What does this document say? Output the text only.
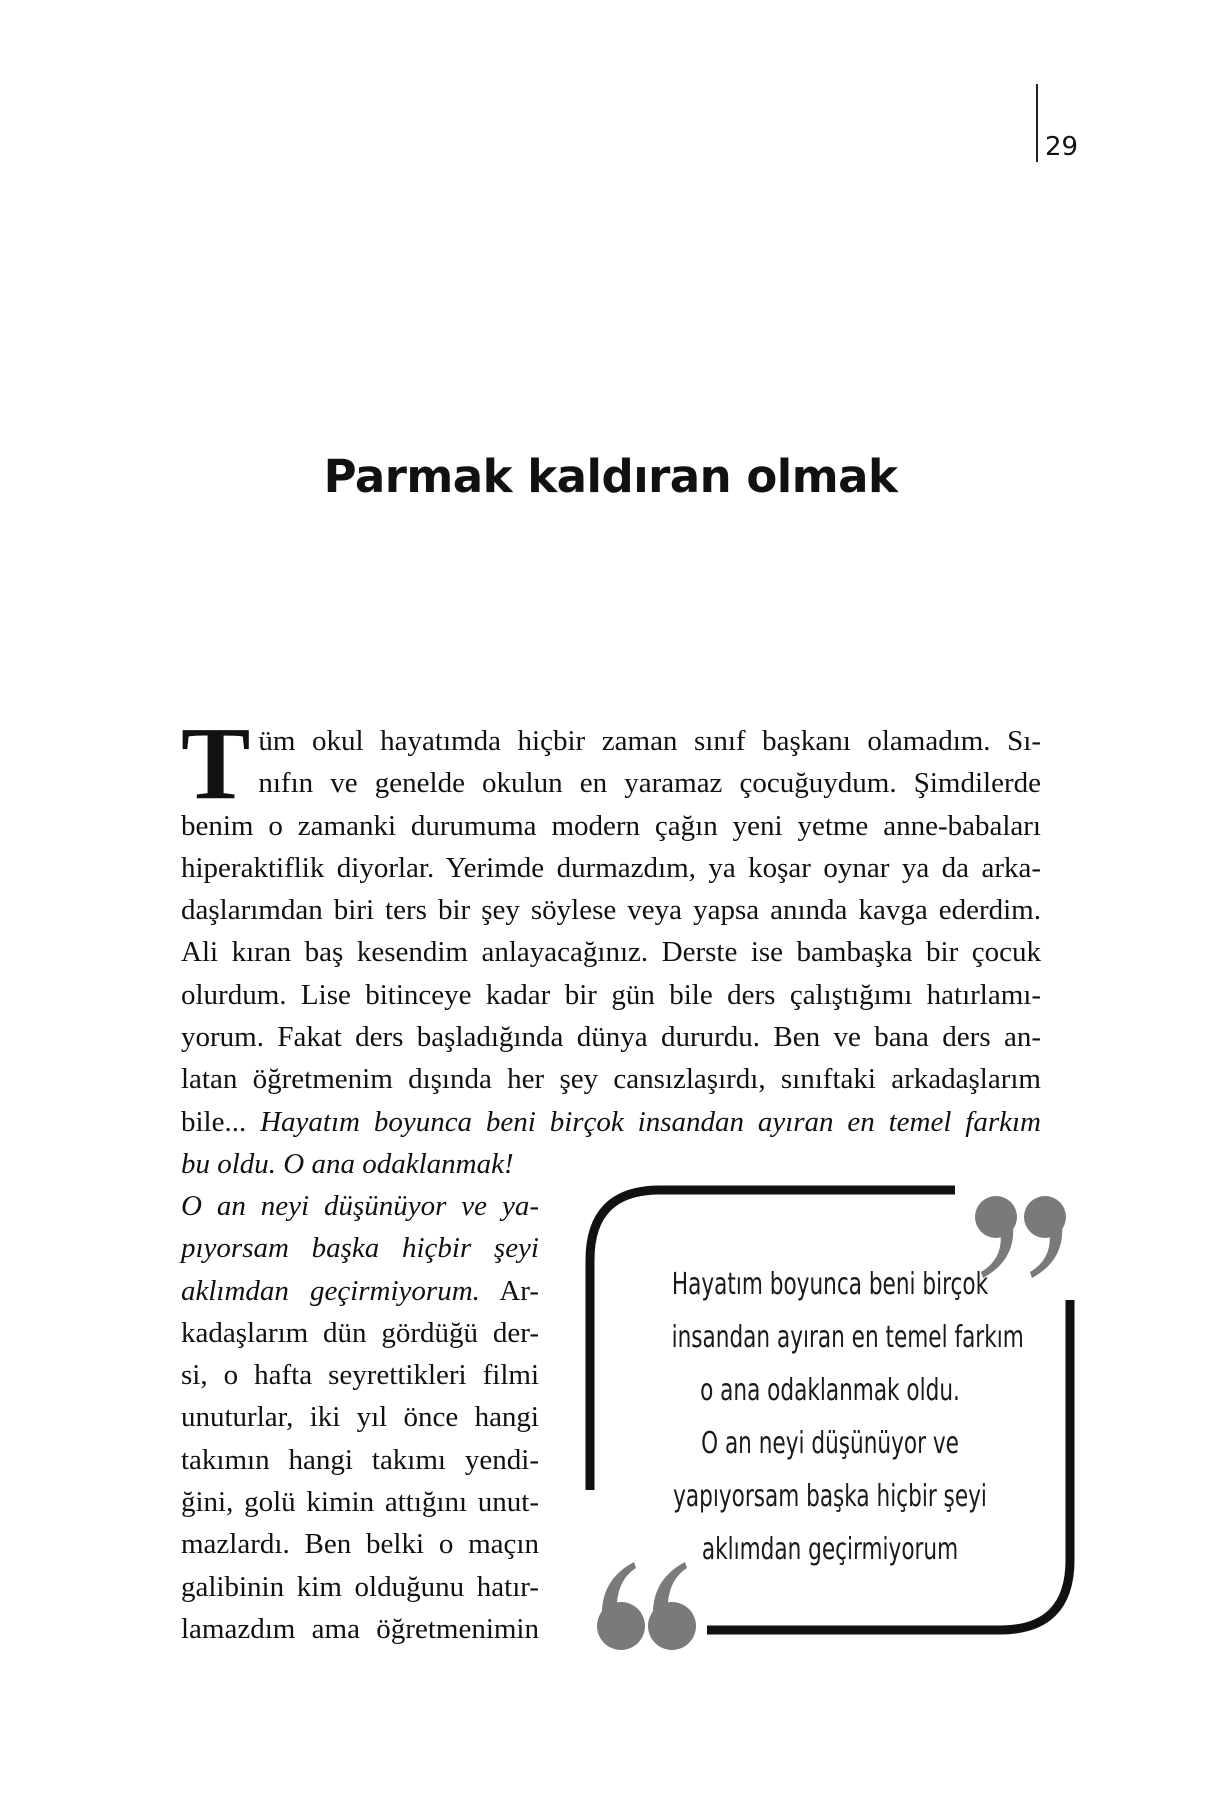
29
Parmak kaldıran olmak
T üm okul hayatımda hiçbir zaman sınıf başkanı olamadım. Sı-
nıfın ve genelde okulun en yaramaz çocuğuydum. Şimdilerde
benim o zamanki durumuma modern çağın yeni yetme anne-babaları
hiperaktiflik diyorlar. Yerimde durmazdım, ya koşar oynar ya da arka-
daşlarımdan biri ters bir şey söylese veya yapsa anında kavga ederdim.
Ali kıran baş kesendim anlayacağınız. Derste ise bambaşka bir çocuk
olurdum. Lise bitinceye kadar bir gün bile ders çalıştığımı hatırlamı-
yorum. Fakat ders başladığında dünya dururdu. Ben ve bana ders an-
latan öğretmenim dışında her şey cansızlaşırdı, sınıftaki arkadaşlarım
bile... Hayatım boyunca beni birçok insandan ayıran en temel farkım
bu oldu. O ana odaklanmak!
O an neyi düşünüyor ve ya-
pıyorsam başka hiçbir şeyi
aklımdan geçirmiyorum. Ar-
kadaşlarım dün gördüğü der-
si, o hafta seyrettikleri filmi
unuturlar, iki yıl önce hangi
takımın hangi takımı yendi-
ğini, golü kimin attığını unut-
mazlardı. Ben belki o maçın
galibinin kim olduğunu hatır-
lamazdım ama öğretmenimin
Hayatım boyunca beni birçok
insandan ayıran en temel farkım
o ana odaklanmak oldu.
O an neyi düşünüyor ve
yapıyorsam başka hiçbir şeyi
aklımdan geçirmiyorum
